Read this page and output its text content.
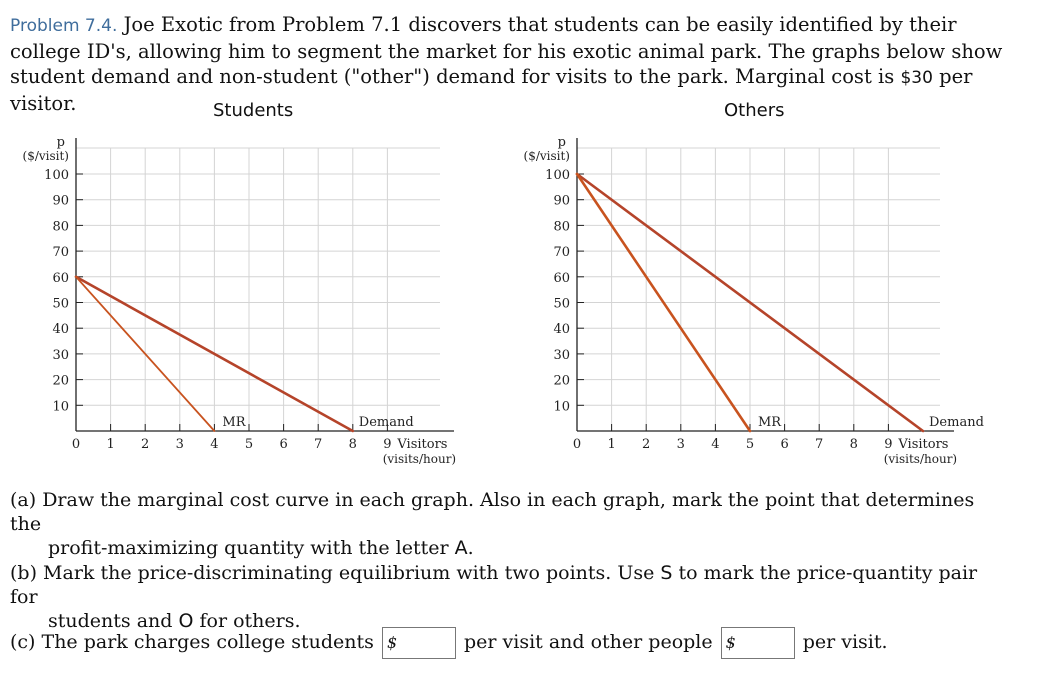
Problem 7.4. Joe Exotic from Problem 7.1 discovers that students can be easily identified by their college ID's, allowing him to segment the market for his exotic animal park. The graphs below show student demand and non-student ("other") demand for visits to the park. Marginal cost is $30 per visitor.	Students	Others
10
20
30
40
50
60
70
80
90
100
0 1 2 3 4 5 6 7 8 9
p
($/visit)
Visitors
(visits/hour)
Demand
MR
10
20
30
40
50
60
70
80
90
100
0 1 2 3 4 5 6 7 8 9
p
($/visit)
Visitors
(visits/hour)
Demand
MR
(a) Draw the marginal cost curve in each graph. Also in each graph, mark the point that determines the
profit-maximizing quantity with the letter A.
(b) Mark the price-discriminating equilibrium with two points. Use S to mark the price-quantity pair for
students and O for others.
(c) The park charges college students $	per visit and other people $	per visit.
